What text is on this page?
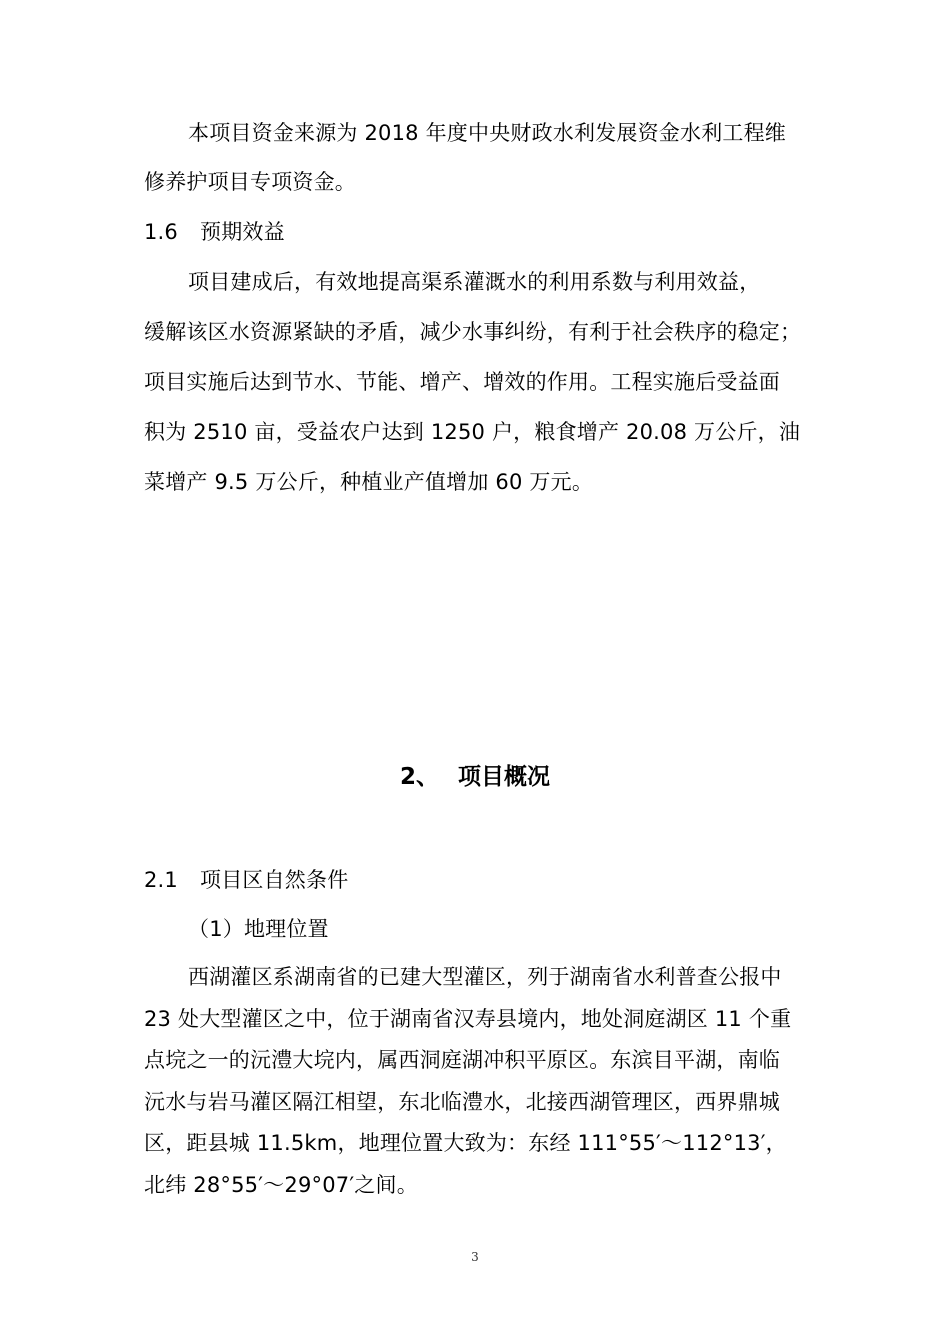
本项目资金来源为 2018 年度中央财政水利发展资金水利工程维
修养护项目专项资金。
1.6 预期效益
项目建成后，有效地提高渠系灌溉水的利用系数与利用效益，
缓解该区水资源紧缺的矛盾，减少水事纠纷，有利于社会秩序的稳定；
项目实施后达到节水、节能、增产、增效的作用。工程实施后受益面
积为 2510 亩，受益农户达到 1250 户，粮食增产 20.08 万公斤，油
菜增产 9.5 万公斤，种植业产值增加 60 万元。
2、 项目概况
2.1 项目区自然条件
（1）地理位置
西湖灌区系湖南省的已建大型灌区，列于湖南省水利普查公报中
23 处大型灌区之中，位于湖南省汉寿县境内，地处洞庭湖区 11 个重
点垸之一的沅澧大垸内，属西洞庭湖冲积平原区。东滨目平湖，南临
沅水与岩马灌区隔江相望，东北临澧水，北接西湖管理区，西界鼎城
区，距县城 11.5km，地理位置大致为：东经 111°55′～112°13′，
北纬 28°55′～29°07′之间。
3
